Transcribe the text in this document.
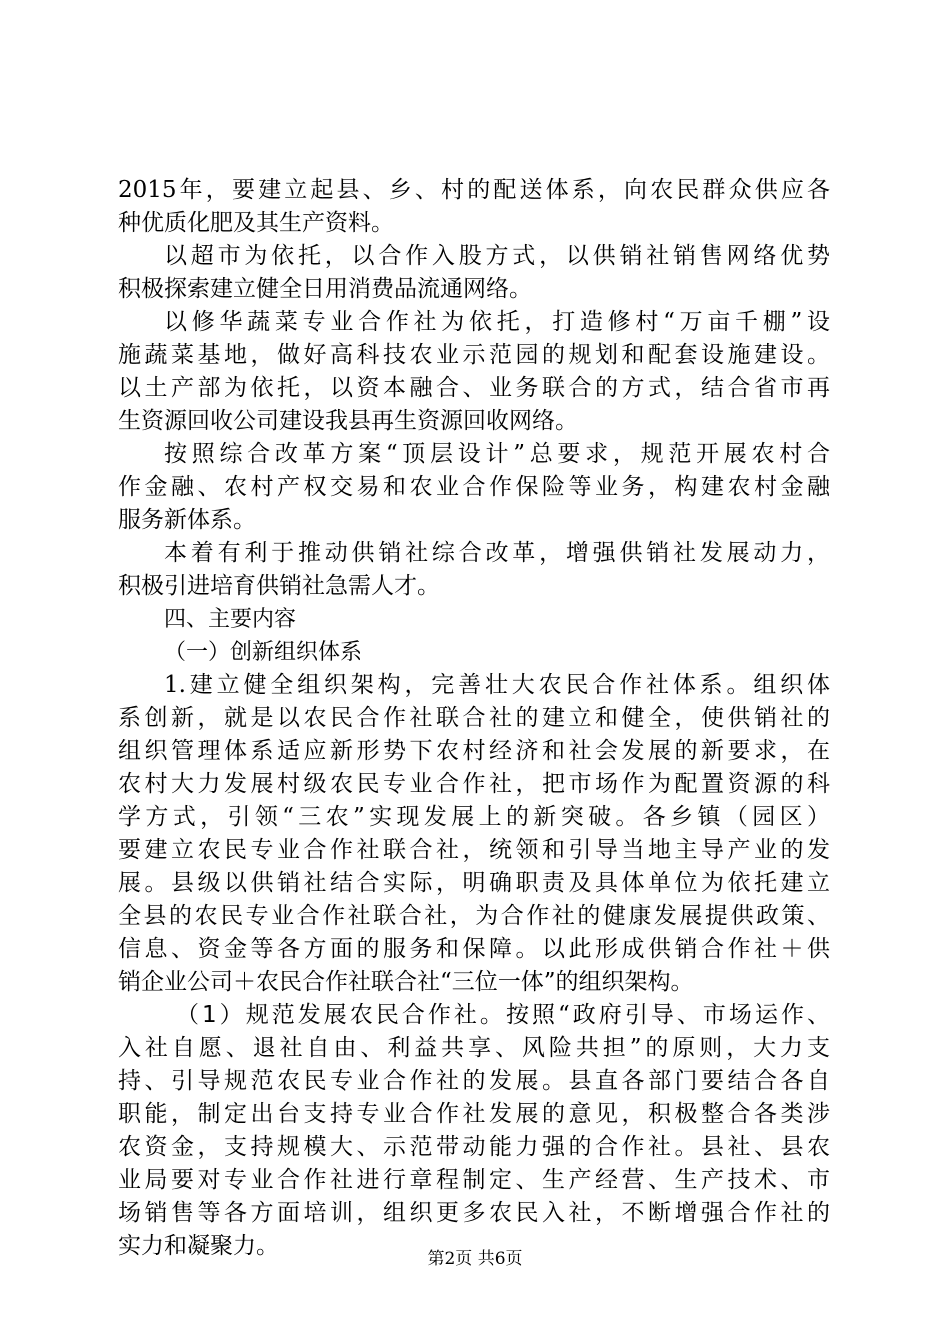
2015年，要建立起县、乡、村的配送体系，向农民群众供应各
种优质化肥及其生产资料。
以超市为依托，以合作入股方式，以供销社销售网络优势
积极探索建立健全日用消费品流通网络。
以修华蔬菜专业合作社为依托，打造修村“万亩千棚”设
施蔬菜基地，做好高科技农业示范园的规划和配套设施建设。
以土产部为依托，以资本融合、业务联合的方式，结合省市再
生资源回收公司建设我县再生资源回收网络。
按照综合改革方案“顶层设计”总要求，规范开展农村合
作金融、农村产权交易和农业合作保险等业务，构建农村金融
服务新体系。
本着有利于推动供销社综合改革，增强供销社发展动力，
积极引进培育供销社急需人才。
四、主要内容
（一）创新组织体系
1.建立健全组织架构，完善壮大农民合作社体系。组织体
系创新，就是以农民合作社联合社的建立和健全，使供销社的
组织管理体系适应新形势下农村经济和社会发展的新要求，在
农村大力发展村级农民专业合作社，把市场作为配置资源的科
学方式，引领“三农”实现发展上的新突破。各乡镇（园区）
要建立农民专业合作社联合社，统领和引导当地主导产业的发
展。县级以供销社结合实际，明确职责及具体单位为依托建立
全县的农民专业合作社联合社，为合作社的健康发展提供政策、
信息、资金等各方面的服务和保障。以此形成供销合作社＋供
销企业公司＋农民合作社联合社“三位一体”的组织架构。
（1）规范发展农民合作社。按照“政府引导、市场运作、
入社自愿、退社自由、利益共享、风险共担”的原则，大力支
持、引导规范农民专业合作社的发展。县直各部门要结合各自
职能，制定出台支持专业合作社发展的意见，积极整合各类涉
农资金，支持规模大、示范带动能力强的合作社。县社、县农
业局要对专业合作社进行章程制定、生产经营、生产技术、市
场销售等各方面培训，组织更多农民入社，不断增强合作社的
实力和凝聚力。	第2页 共6页
